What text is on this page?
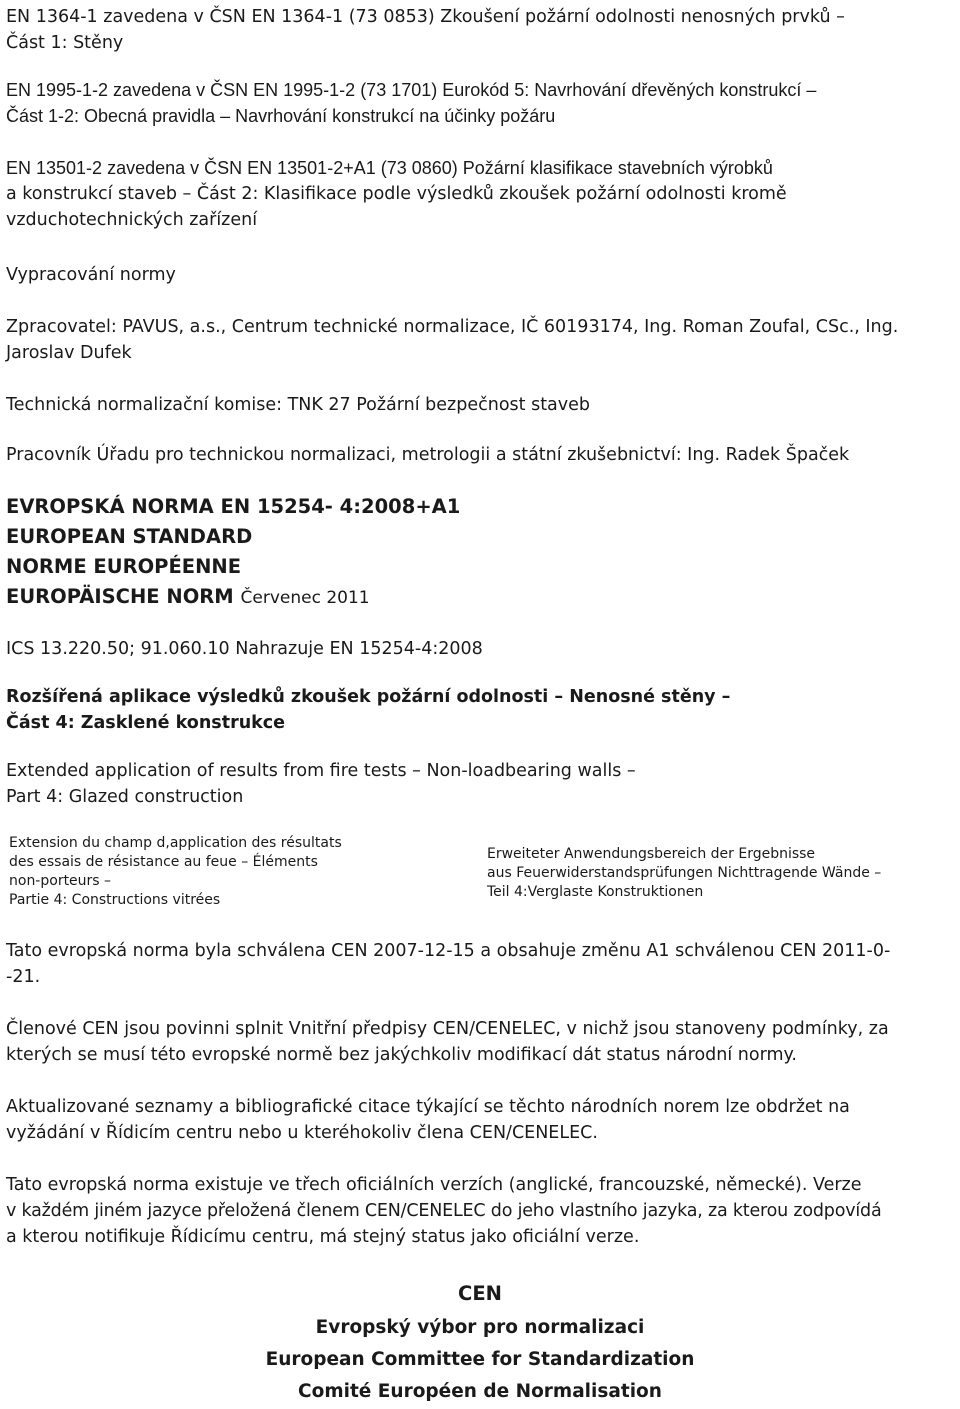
EN 1364-1 zavedena v ČSN EN 1364-1 (73 0853) Zkoušení požární odolnosti nenosných prvků –
Část 1: Stěny
EN 1995-1-2 zavedena v ČSN EN 1995-1-2 (73 1701) Eurokód 5: Navrhování dřevěných konstrukcí –
Část 1-2: Obecná pravidla – Navrhování konstrukcí na účinky požáru
EN 13501-2 zavedena v ČSN EN 13501-2+A1 (73 0860) Požární klasifikace stavebních výrobků
a konstrukcí staveb – Část 2: Klasifikace podle výsledků zkoušek požární odolnosti kromě
vzduchotechnických zařízení
Vypracování normy
Zpracovatel: PAVUS, a.s., Centrum technické normalizace, IČ 60193174, Ing. Roman Zoufal, CSc., Ing.
Jaroslav Dufek
Technická normalizační komise: TNK 27 Požární bezpečnost staveb
Pracovník Úřadu pro technickou normalizaci, metrologii a státní zkušebnictví: Ing. Radek Špaček
EVROPSKÁ NORMA EN 15254- 4:2008+A1
EUROPEAN STANDARD
NORME EUROPÉENNE
EUROPÄISCHE NORM Červenec 2011
ICS 13.220.50; 91.060.10 Nahrazuje EN 15254-4:2008
Rozšířená aplikace výsledků zkoušek požární odolnosti – Nenosné stěny –
Část 4: Zasklené konstrukce
Extended application of results from fire tests – Non-loadbearing walls –
Part 4: Glazed construction
Extension du champ d,application des résultats
des essais de résistance au feue – Éléments
non-porteurs –
Partie 4: Constructions vitrées
Erweiteter Anwendungsbereich der Ergebnisse
aus Feuerwiderstandsprüfungen Nichttragende Wände –
Teil 4:Verglaste Konstruktionen
Tato evropská norma byla schválena CEN 2007-12-15 a obsahuje změnu A1 schválenou CEN 2011-0-
-21.
Členové CEN jsou povinni splnit Vnitřní předpisy CEN/CENELEC, v nichž jsou stanoveny podmínky, za
kterých se musí této evropské normě bez jakýchkoliv modifikací dát status národní normy.
Aktualizované seznamy a bibliografické citace týkající se těchto národních norem lze obdržet na
vyžádání v Řídicím centru nebo u kteréhokoliv člena CEN/CENELEC.
Tato evropská norma existuje ve třech oficiálních verzích (anglické, francouzské, německé). Verze
v každém jiném jazyce přeložená členem CEN/CENELEC do jeho vlastního jazyka, za kterou zodpovídá
a kterou notifikuje Řídicímu centru, má stejný status jako oficiální verze.
CEN
Evropský výbor pro normalizaci
European Committee for Standardization
Comité Européen de Normalisation
